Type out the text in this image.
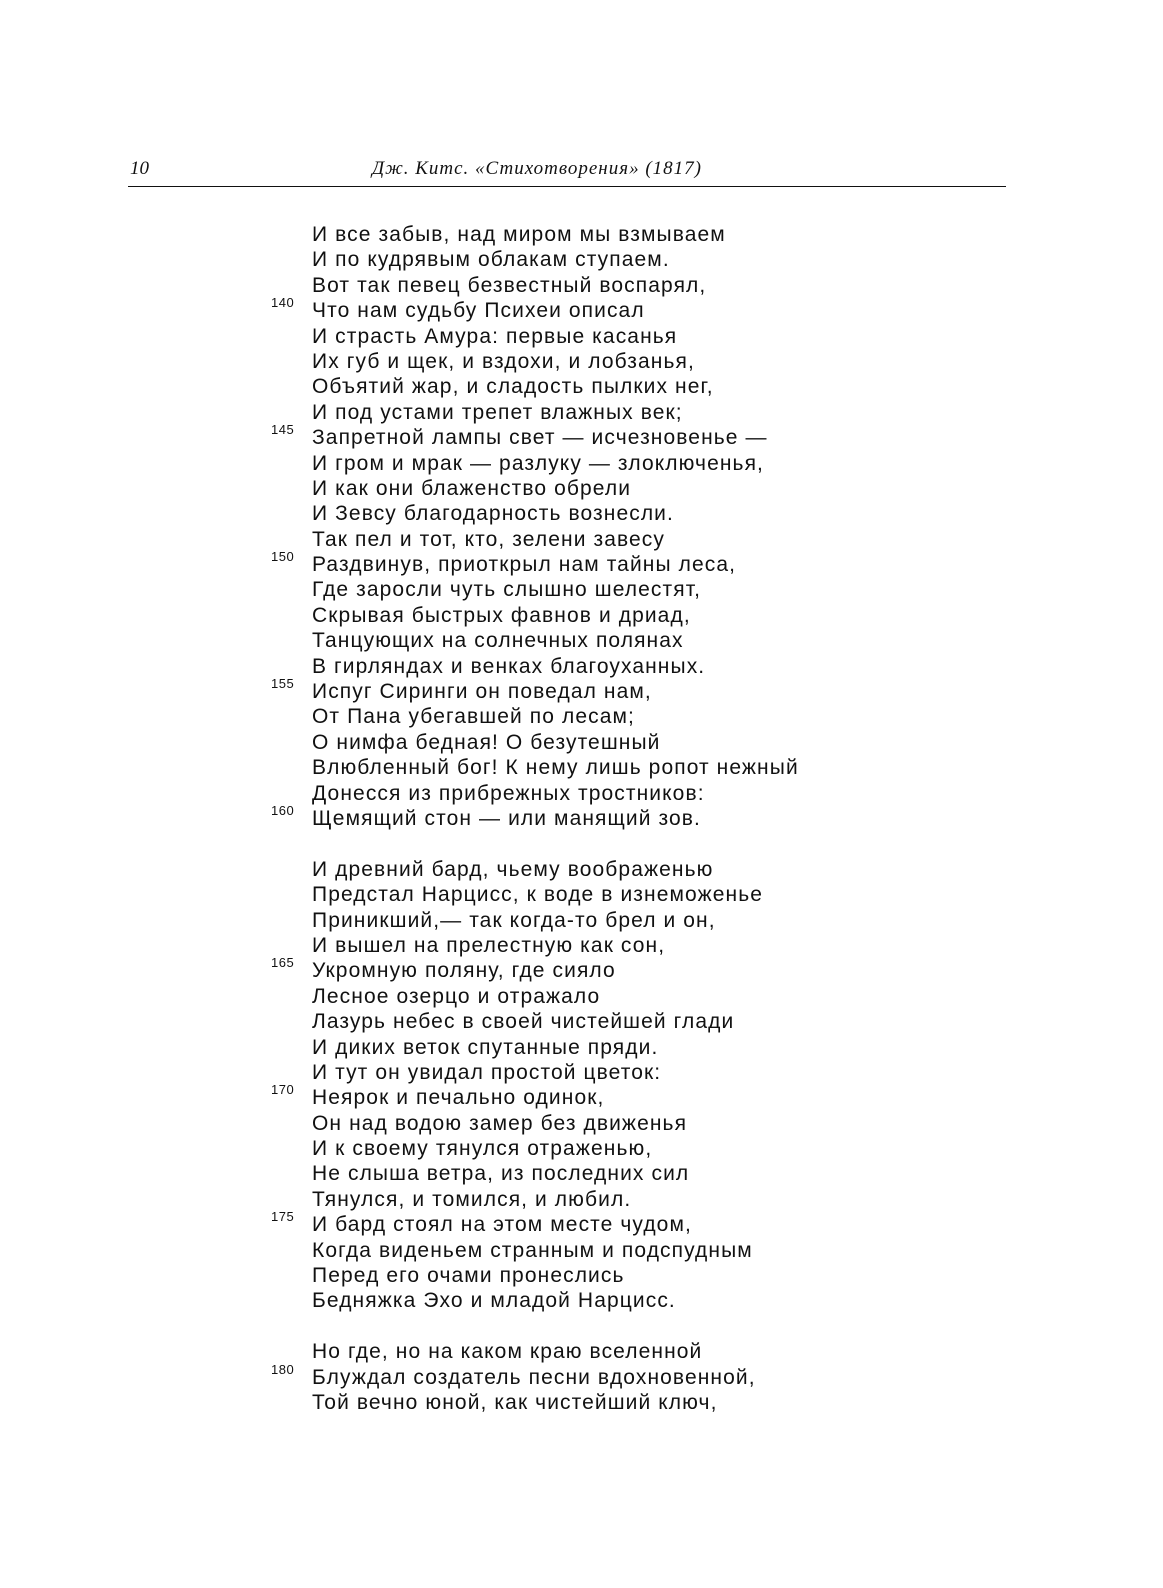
10	Дж. Китс. «Стихотворения» (1817)
И все забыв, над миром мы взмываем
И по кудрявым облакам ступаем.
Вот так певец безвестный воспарял,
140 Что нам судьбу Психеи описал
И страсть Амура: первые касанья
Их губ и щек, и вздохи, и лобзанья,
Объятий жар, и сладость пылких нег,
И под устами трепет влажных век;
145 Запретной лампы свет — исчезновенье —
И гром и мрак — разлуку — злоключенья,
И как они блаженство обрели
И Зевсу благодарность вознесли.
Так пел и тот, кто, зелени завесу
150 Раздвинув, приоткрыл нам тайны леса,
Где заросли чуть слышно шелестят,
Скрывая быстрых фавнов и дриад,
Танцующих на солнечных полянах
В гирляндах и венках благоуханных.
155 Испуг Сиринги он поведал нам,
От Пана убегавшей по лесам;
О нимфа бедная! О безутешный
Влюбленный бог! К нему лишь ропот нежный
Донесся из прибрежных тростников:
160 Щемящий стон — или манящий зов.
И древний бард, чьему воображенью
Предстал Нарцисс, к воде в изнеможенье
Приникший,— так когда-то брел и он,
И вышел на прелестную как сон,
165 Укромную поляну, где сияло
Лесное озерцо и отражало
Лазурь небес в своей чистейшей глади
И диких веток спутанные пряди.
И тут он увидал простой цветок:
170 Неярок и печально одинок,
Он над водою замер без движенья
И к своему тянулся отраженью,
Не слыша ветра, из последних сил
Тянулся, и томился, и любил.
175 И бард стоял на этом месте чудом,
Когда виденьем странным и подспудным
Перед его очами пронеслись
Бедняжка Эхо и младой Нарцисс.
Но где, но на каком краю вселенной
180 Блуждал создатель песни вдохновенной,
Той вечно юной, как чистейший ключ,
